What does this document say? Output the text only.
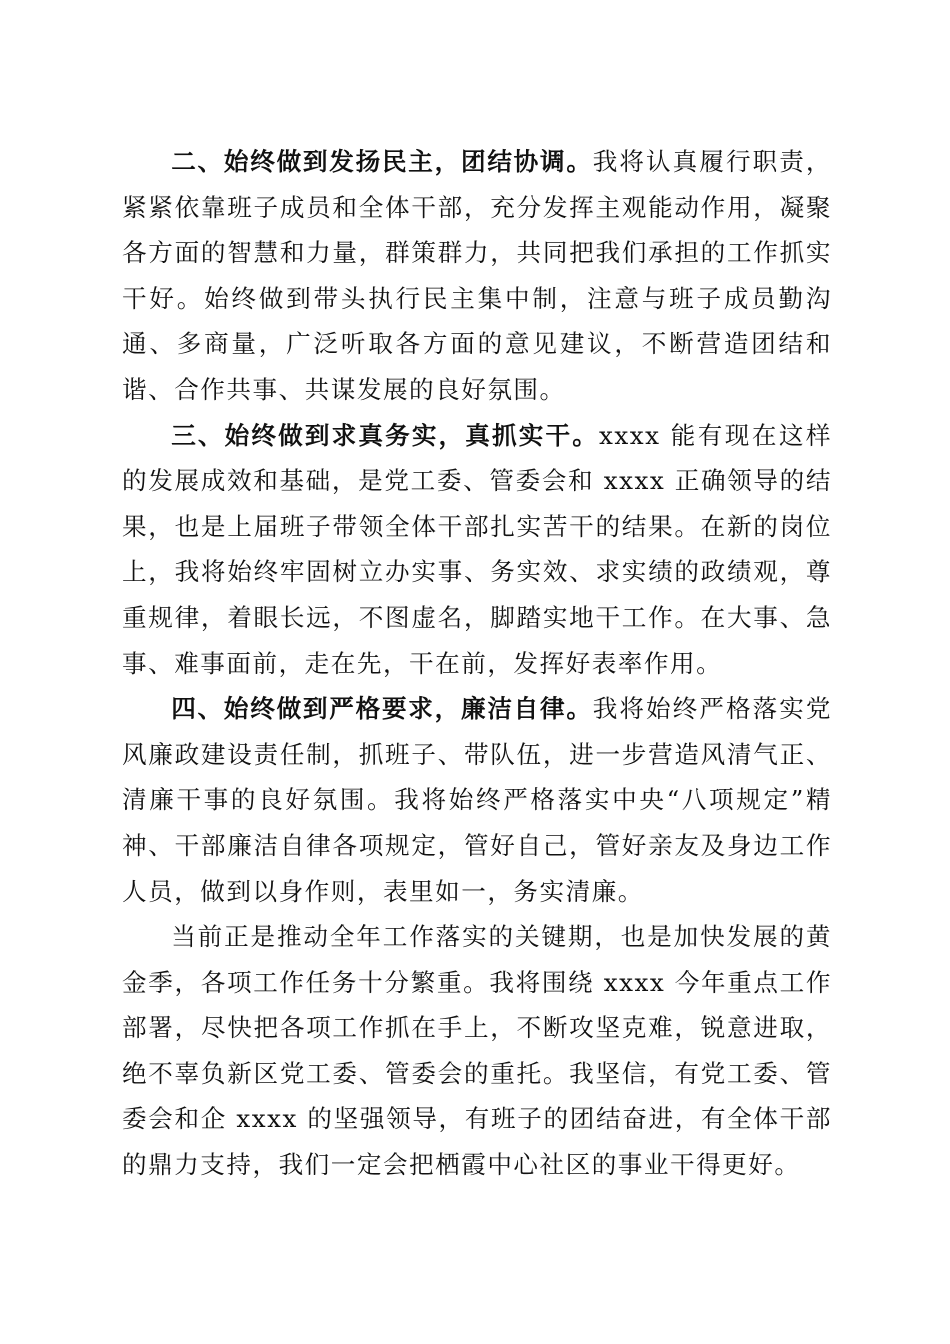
二、始终做到发扬民主，团结协调。我将认真履行职责，紧紧依靠班子成员和全体干部，充分发挥主观能动作用，凝聚各方面的智慧和力量，群策群力，共同把我们承担的工作抓实干好。始终做到带头执行民主集中制，注意与班子成员勤沟通、多商量，广泛听取各方面的意见建议，不断营造团结和谐、合作共事、共谋发展的良好氛围。

三、始终做到求真务实，真抓实干。xxxx 能有现在这样的发展成效和基础，是党工委、管委会和 xxxx 正确领导的结果，也是上届班子带领全体干部扎实苦干的结果。在新的岗位上，我将始终牢固树立办实事、务实效、求实绩的政绩观，尊重规律，着眼长远，不图虚名，脚踏实地干工作。在大事、急事、难事面前，走在先，干在前，发挥好表率作用。

四、始终做到严格要求，廉洁自律。我将始终严格落实党风廉政建设责任制，抓班子、带队伍，进一步营造风清气正、清廉干事的良好氛围。我将始终严格落实中央“八项规定”精神、干部廉洁自律各项规定，管好自己，管好亲友及身边工作人员，做到以身作则，表里如一，务实清廉。

当前正是推动全年工作落实的关键期，也是加快发展的黄金季，各项工作任务十分繁重。我将围绕 xxxx 今年重点工作部署，尽快把各项工作抓在手上，不断攻坚克难，锐意进取，绝不辜负新区党工委、管委会的重托。我坚信，有党工委、管委会和企 xxxx 的坚强领导，有班子的团结奋进，有全体干部的鼎力支持，我们一定会把栖霞中心社区的事业干得更好。
